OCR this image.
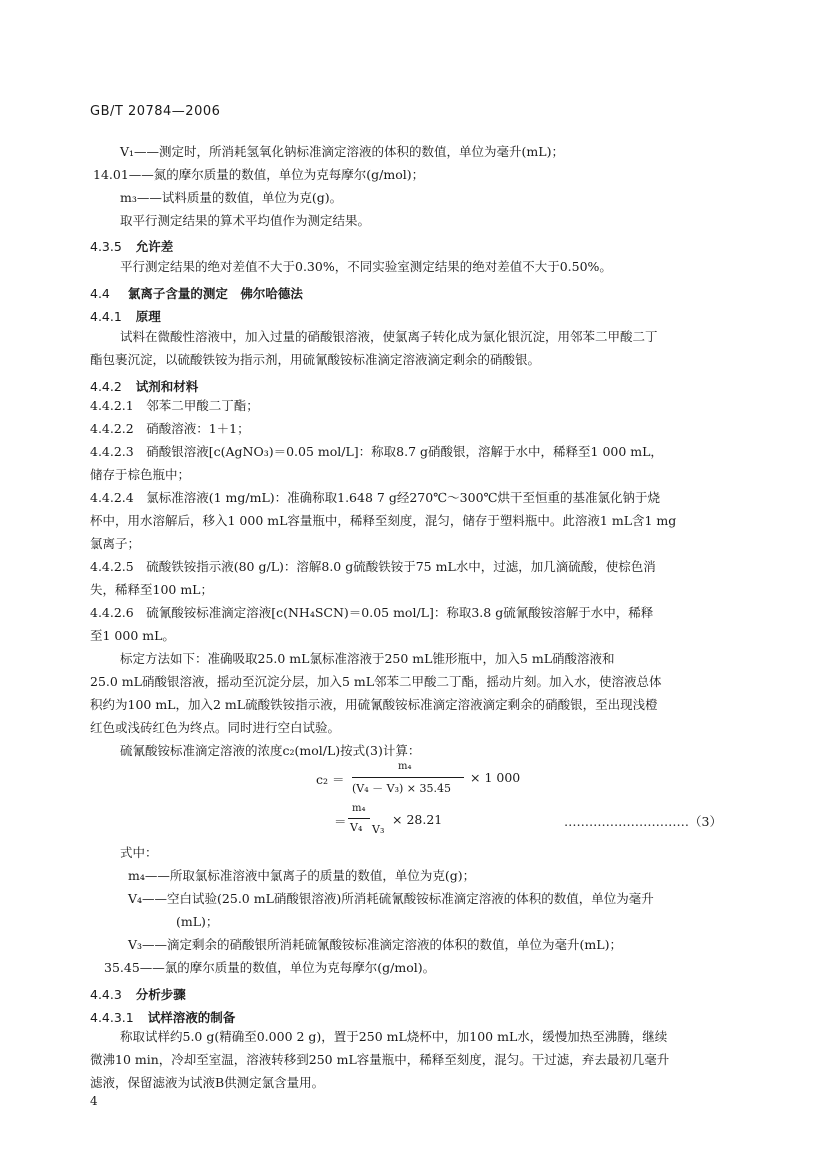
GB/T 20784—2006
V₁——测定时，所消耗氢氧化钠标准滴定溶液的体积的数值，单位为毫升(mL)；
14.01——氮的摩尔质量的数值，单位为克每摩尔(g/mol)；
m₃——试料质量的数值，单位为克(g)。
取平行测定结果的算术平均值作为测定结果。
4.3.5 允许差
平行测定结果的绝对差值不大于0.30%，不同实验室测定结果的绝对差值不大于0.50%。
4.4 氯离子含量的测定　佛尔哈德法
4.4.1 原理
试料在微酸性溶液中，加入过量的硝酸银溶液，使氯离子转化成为氯化银沉淀，用邻苯二甲酸二丁
酯包裹沉淀，以硫酸铁铵为指示剂，用硫氰酸铵标准滴定溶液滴定剩余的硝酸银。
4.4.2 试剂和材料
4.4.2.1　邻苯二甲酸二丁酯；
4.4.2.2　硝酸溶液：1＋1；
4.4.2.3　硝酸银溶液[c(AgNO₃)＝0.05 mol/L]：称取8.7 g硝酸银，溶解于水中，稀释至1 000 mL，
储存于棕色瓶中；
4.4.2.4　氯标准溶液(1 mg/mL)：准确称取1.648 7 g经270℃～300℃烘干至恒重的基准氯化钠于烧
杯中，用水溶解后，移入1 000 mL容量瓶中，稀释至刻度，混匀，储存于塑料瓶中。此溶液1 mL含1 mg
氯离子；
4.4.2.5　硫酸铁铵指示液(80 g/L)：溶解8.0 g硫酸铁铵于75 mL水中，过滤，加几滴硫酸，使棕色消
失，稀释至100 mL；
4.4.2.6　硫氰酸铵标准滴定溶液[c(NH₄SCN)＝0.05 mol/L]：称取3.8 g硫氰酸铵溶解于水中，稀释
至1 000 mL。
标定方法如下：准确吸取25.0 mL氯标准溶液于250 mL锥形瓶中，加入5 mL硝酸溶液和
25.0 mL硝酸银溶液，摇动至沉淀分层，加入5 mL邻苯二甲酸二丁酯，摇动片刻。加入水，使溶液总体
积约为100 mL，加入2 mL硫酸铁铵指示液，用硫氰酸铵标准滴定溶液滴定剩余的硝酸银，至出现浅橙
红色或浅砖红色为终点。同时进行空白试验。
硫氰酸铵标准滴定溶液的浓度c₂(mol/L)按式(3)计算：
c₂ ＝
m₄
(V₄ － V₃) × 35.45
× 1 000
＝
m₄
V₄ V₃
× 28.21	…………………………（3）
式中：
m₄——所取氯标准溶液中氯离子的质量的数值，单位为克(g)；
V₄——空白试验(25.0 mL硝酸银溶液)所消耗硫氰酸铵标准滴定溶液的体积的数值，单位为毫升
(mL)；
V₃——滴定剩余的硝酸银所消耗硫氰酸铵标准滴定溶液的体积的数值，单位为毫升(mL)；
35.45——氯的摩尔质量的数值，单位为克每摩尔(g/mol)。
4.4.3 分析步骤
4.4.3.1 试样溶液的制备
称取试样约5.0 g(精确至0.000 2 g)，置于250 mL烧杯中，加100 mL水，缓慢加热至沸腾，继续
微沸10 min，冷却至室温，溶液转移到250 mL容量瓶中，稀释至刻度，混匀。干过滤，弃去最初几毫升
滤液，保留滤液为试液B供测定氯含量用。
4
